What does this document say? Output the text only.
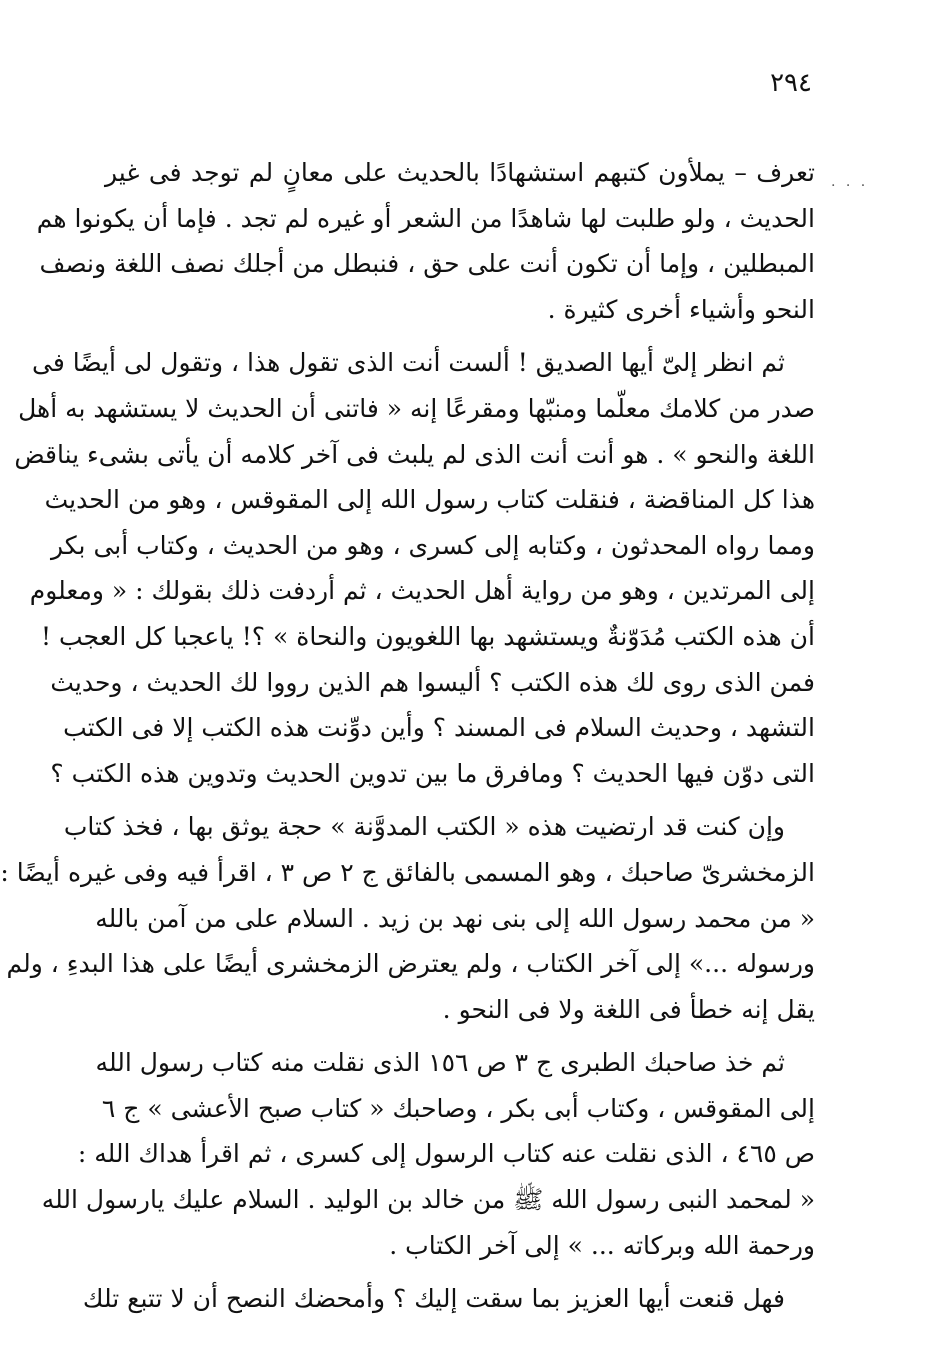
٢٩٤
. . .
تعرف – يملأون كتبهم استشهادًا بالحديث على معانٍ لم توجد فى غير
الحديث ، ولو طلبت لها شاهدًا من الشعر أو غيره لم تجد . فإما أن يكونوا هم
المبطلين ، وإما أن تكون أنت على حق ، فنبطل من أجلك نصف اللغة ونصف
النحو وأشياء أخرى كثيرة .
ثم انظر إلىّ أيها الصديق ! ألست أنت الذى تقول هذا ، وتقول لى أيضًا فى
صدر من كلامك معلّما ومنبّها ومقرعًا إنه « فاتنى أن الحديث لا يستشهد به أهل
اللغة والنحو » . هو أنت أنت الذى لم يلبث فى آخر كلامه أن يأتى بشىء يناقض
هذا كل المناقضة ، فنقلت كتاب رسول الله إلى المقوقس ، وهو من الحديث
ومما رواه المحدثون ، وكتابه إلى كسرى ، وهو من الحديث ، وكتاب أبى بكر
إلى المرتدين ، وهو من رواية أهل الحديث ، ثم أردفت ذلك بقولك : « ومعلوم
أن هذه الكتب مُدَوّنةٌ ويستشهد بها اللغويون والنحاة » ؟! ياعجبا كل العجب !
فمن الذى روى لك هذه الكتب ؟ أليسوا هم الذين رووا لك الحديث ، وحديث
التشهد ، وحديث السلام فى المسند ؟ وأين دوِّنت هذه الكتب إلا فى الكتب
التى دوّن فيها الحديث ؟ ومافرق ما بين تدوين الحديث وتدوين هذه الكتب ؟
وإن كنت قد ارتضيت هذه « الكتب المدوَّنة » حجة يوثق بها ، فخذ كتاب
الزمخشرىّ صاحبك ، وهو المسمى بالفائق ج ٢ ص ٣ ، اقرأ فيه وفى غيره أيضًا :
« من محمد رسول الله إلى بنى نهد بن زيد . السلام على من آمن بالله
ورسوله ...» إلى آخر الكتاب ، ولم يعترض الزمخشرى أيضًا على هذا البدءِ ، ولم
يقل إنه خطأ فى اللغة ولا فى النحو .
ثم خذ صاحبك الطبرى ج ٣ ص ١٥٦ الذى نقلت منه كتاب رسول الله
إلى المقوقس ، وكتاب أبى بكر ، وصاحبك « كتاب صبح الأعشى » ج ٦
ص ٤٦٥ ، الذى نقلت عنه كتاب الرسول إلى كسرى ، ثم اقرأ هداك الله :
« لمحمد النبى رسول الله ﷺ من خالد بن الوليد . السلام عليك يارسول الله
ورحمة الله وبركاته ... » إلى آخر الكتاب .
فهل قنعت أيها العزيز بما سقت إليك ؟ وأمحضك النصح أن لا تتبع تلك
